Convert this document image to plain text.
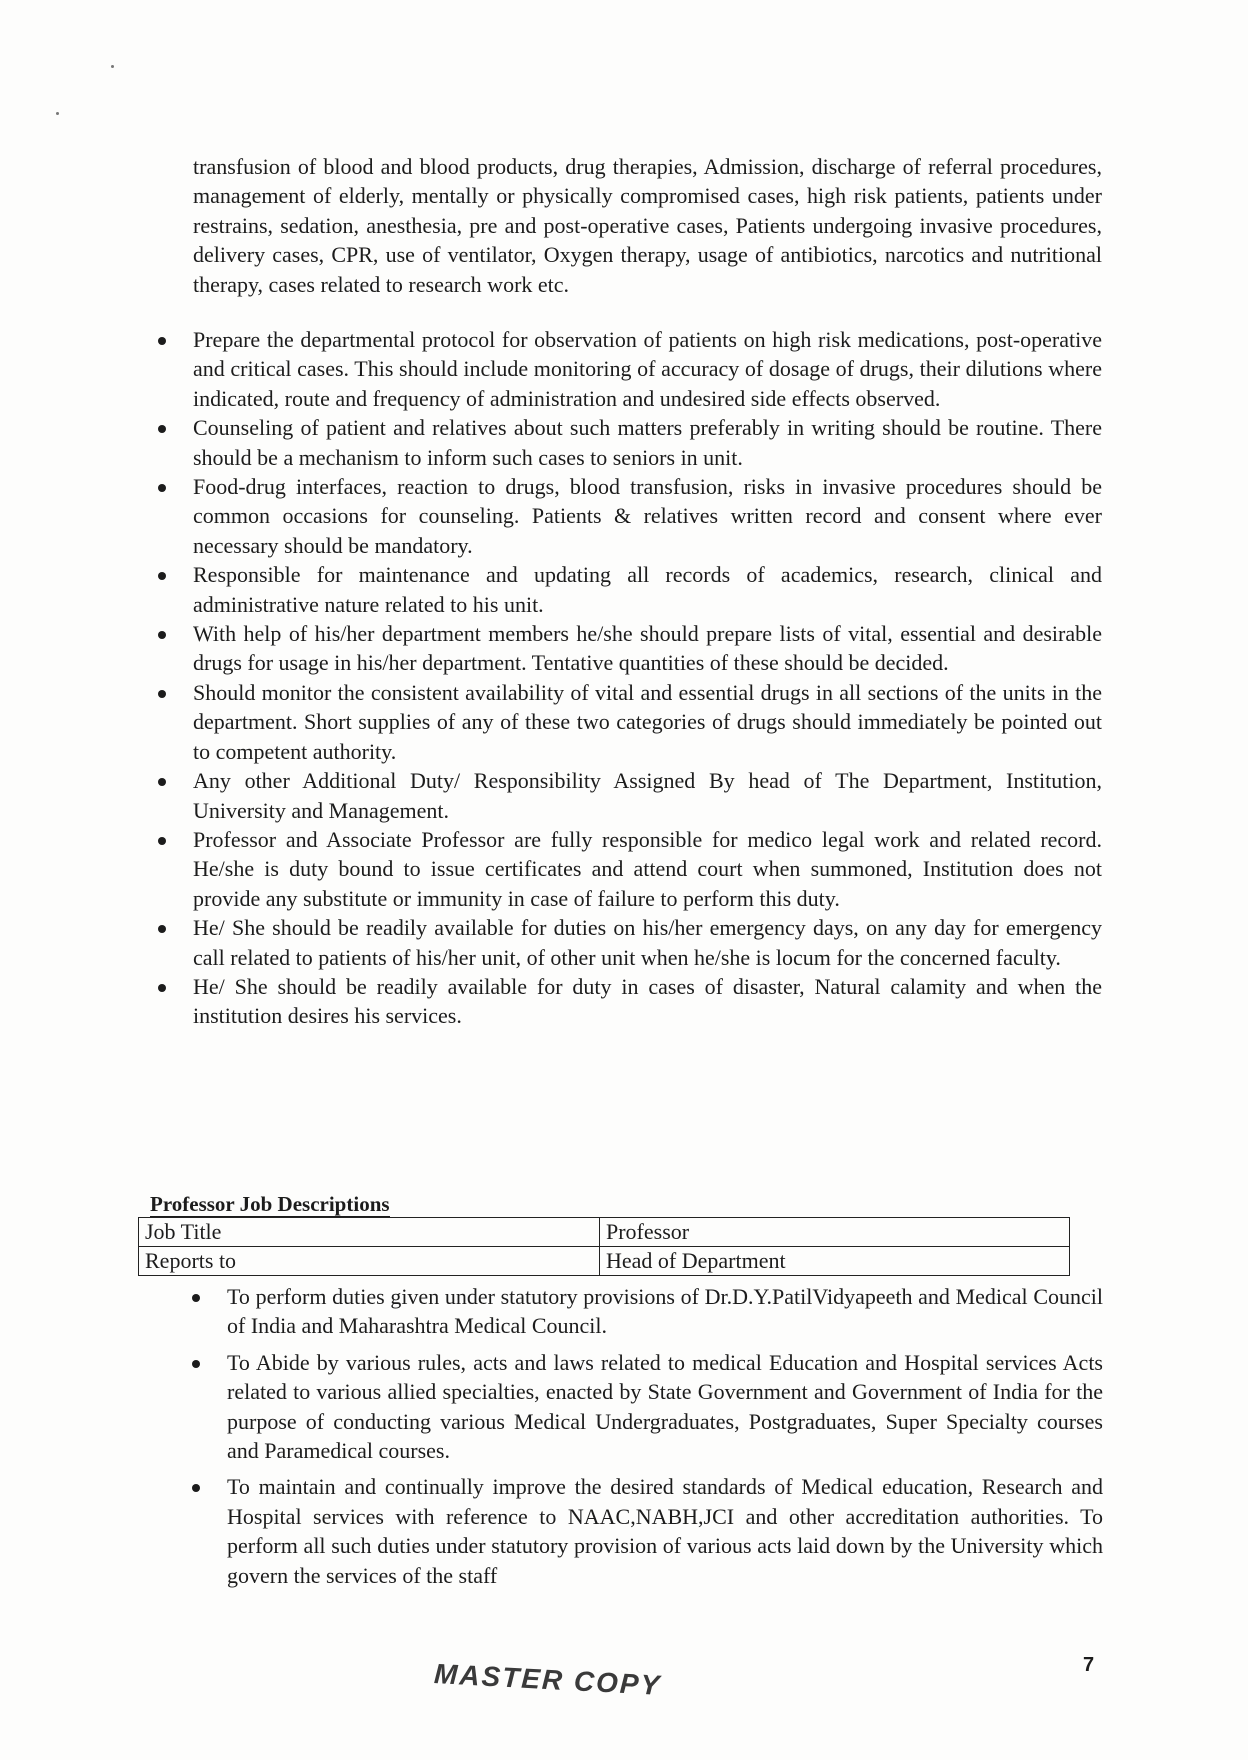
transfusion of blood and blood products, drug therapies, Admission, discharge of referral procedures, management of elderly, mentally or physically compromised cases, high risk patients, patients under restrains, sedation, anesthesia, pre and post-operative cases, Patients undergoing invasive procedures, delivery cases, CPR, use of ventilator, Oxygen therapy, usage of antibiotics, narcotics and nutritional therapy, cases related to research work etc.

Prepare the departmental protocol for observation of patients on high risk medications, post-operative and critical cases. This should include monitoring of accuracy of dosage of drugs, their dilutions where indicated, route and frequency of administration and undesired side effects observed.
Counseling of patient and relatives about such matters preferably in writing should be routine. There should be a mechanism to inform such cases to seniors in unit.
Food-drug interfaces, reaction to drugs, blood transfusion, risks in invasive procedures should be common occasions for counseling. Patients & relatives written record and consent where ever necessary should be mandatory.
Responsible for maintenance and updating all records of academics, research, clinical and administrative nature related to his unit.
With help of his/her department members he/she should prepare lists of vital, essential and desirable drugs for usage in his/her department. Tentative quantities of these should be decided.
Should monitor the consistent availability of vital and essential drugs in all sections of the units in the department. Short supplies of any of these two categories of drugs should immediately be pointed out to competent authority.
Any other Additional Duty/ Responsibility Assigned By head of The Department, Institution, University and Management.
Professor and Associate Professor are fully responsible for medico legal work and related record. He/she is duty bound to issue certificates and attend court when summoned, Institution does not provide any substitute or immunity in case of failure to perform this duty.
He/ She should be readily available for duties on his/her emergency days, on any day for emergency call related to patients of his/her unit, of other unit when he/she is locum for the concerned faculty.
He/ She should be readily available for duty in cases of disaster, Natural calamity and when the institution desires his services.
Professor Job Descriptions
Job Title	Professor
Reports to	Head of Department
To perform duties given under statutory provisions of Dr.D.Y.PatilVidyapeeth and Medical Council of India and Maharashtra Medical Council.
To Abide by various rules, acts and laws related to medical Education and Hospital services Acts related to various allied specialties, enacted by State Government and Government of India for the purpose of conducting various Medical Undergraduates, Postgraduates, Super Specialty courses and Paramedical courses.
To maintain and continually improve the desired standards of Medical education, Research and Hospital services with reference to NAAC,NABH,JCI and other accreditation authorities. To perform all such duties under statutory provision of various acts laid down by the University which govern the services of the staff
7
MASTER COPY
